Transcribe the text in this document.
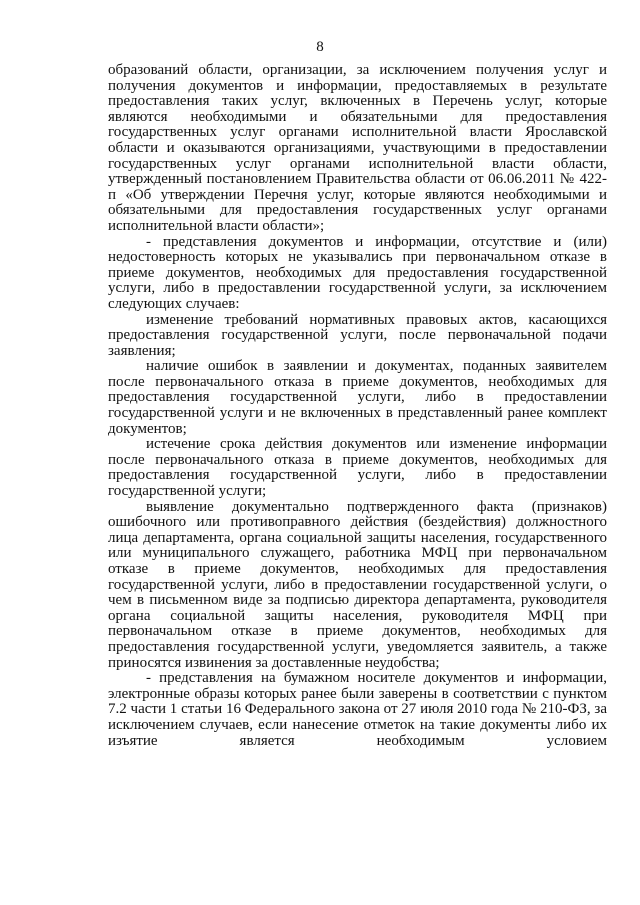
8

образований области, организации, за исключением получения услуг и получения документов и информации, предоставляемых в результате предоставления таких услуг, включенных в Перечень услуг, которые являются необходимыми и обязательными для предоставления государственных услуг органами исполнительной власти Ярославской области и оказываются организациями, участвующими в предоставлении государственных услуг органами исполнительной власти области, утвержденный постановлением Правительства области от 06.06.2011 № 422-п «Об утверждении Перечня услуг, которые являются необходимыми и обязательными для предоставления государственных услуг органами исполнительной власти области»;

- представления документов и информации, отсутствие и (или) недостоверность которых не указывались при первоначальном отказе в приеме документов, необходимых для предоставления государственной услуги, либо в предоставлении государственной услуги, за исключением следующих случаев:

изменение требований нормативных правовых актов, касающихся предоставления государственной услуги, после первоначальной подачи заявления;

наличие ошибок в заявлении и документах, поданных заявителем после первоначального отказа в приеме документов, необходимых для предоставления государственной услуги, либо в предоставлении государственной услуги и не включенных в представленный ранее комплект документов;

истечение срока действия документов или изменение информации после первоначального отказа в приеме документов, необходимых для предоставления государственной услуги, либо в предоставлении государственной услуги;

выявление документально подтвержденного факта (признаков) ошибочного или противоправного действия (бездействия) должностного лица департамента, органа социальной защиты населения, государственного или муниципального служащего, работника МФЦ при первоначальном отказе в приеме документов, необходимых для предоставления государственной услуги, либо в предоставлении государственной услуги, о чем в письменном виде за подписью директора департамента, руководителя органа социальной защиты населения, руководителя МФЦ при первоначальном отказе в приеме документов, необходимых для предоставления государственной услуги, уведомляется заявитель, а также приносятся извинения за доставленные неудобства;

- представления на бумажном носителе документов и информации, электронные образы которых ранее были заверены в соответствии с пунктом 7.2 части 1 статьи 16 Федерального закона от 27 июля 2010 года № 210-ФЗ, за исключением случаев, если нанесение отметок на такие документы либо их изъятие является необходимым условием
